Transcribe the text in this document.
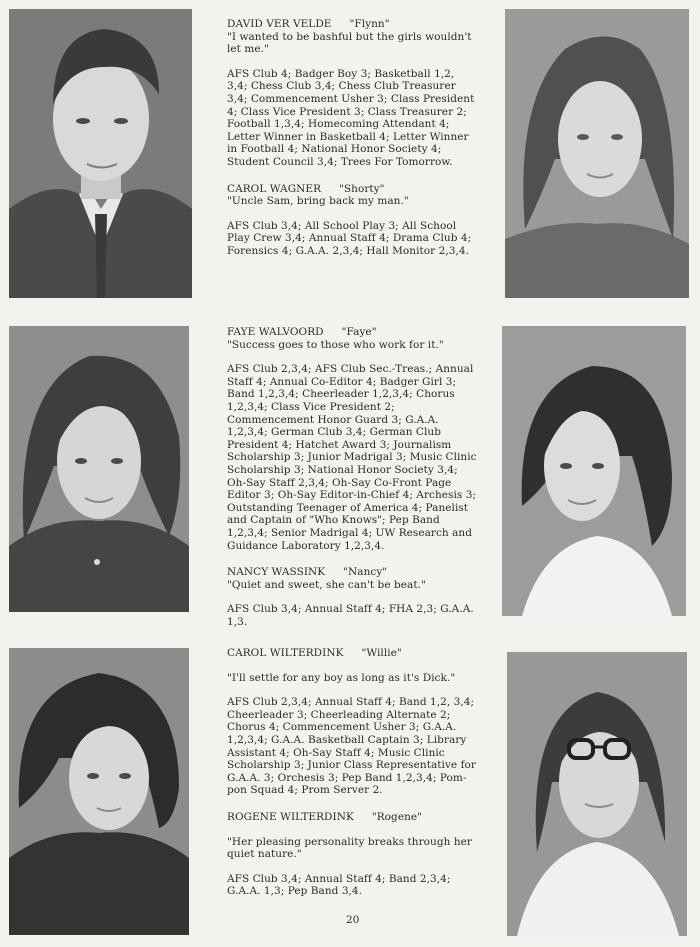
DAVID VER VELDE "Flynn"

"I wanted to be bashful but the girls wouldn't let me."

AFS Club 4; Badger Boy 3; Basketball 1,2, 3,4; Chess Club 3,4; Chess Club Treasurer 3,4; Commencement Usher 3; Class President 4; Class Vice President 3; Class Treasurer 2; Football 1,3,4; Homecoming Attendant 4; Letter Winner in Basketball 4; Letter Winner in Football 4; National Honor Society 4; Student Council 3,4; Trees For Tomorrow.

CAROL WAGNER "Shorty"

"Uncle Sam, bring back my man."

AFS Club 3,4; All School Play 3; All School Play Crew 3,4; Annual Staff 4; Drama Club 4; Forensics 4; G.A.A. 2,3,4; Hall Monitor 2,3,4.

FAYE WALVOORD "Faye"

"Success goes to those who work for it."

AFS Club 2,3,4; AFS Club Sec.-Treas.; Annual Staff 4; Annual Co-Editor 4; Badger Girl 3; Band 1,2,3,4; Cheerleader 1,2,3,4; Chorus 1,2,3,4; Class Vice President 2; Commencement Honor Guard 3; G.A.A. 1,2,3,4; German Club 3,4; German Club President 4; Hatchet Award 3; Journalism Scholarship 3; Junior Madrigal 3; Music Clinic Scholarship 3; National Honor Society 3,4; Oh-Say Staff 2,3,4; Oh-Say Co-Front Page Editor 3; Oh-Say Editor-in-Chief 4; Archesis 3; Outstanding Teenager of America 4; Panelist and Captain of "Who Knows"; Pep Band 1,2,3,4; Senior Madrigal 4; UW Research and Guidance Laboratory 1,2,3,4.

NANCY WASSINK "Nancy"

"Quiet and sweet, she can't be beat."

AFS Club 3,4; Annual Staff 4; FHA 2,3; G.A.A. 1,3.

CAROL WILTERDINK "Willie"

"I'll settle for any boy as long as it's Dick."

AFS Club 2,3,4; Annual Staff 4; Band 1,2, 3,4; Cheerleader 3; Cheerleading Alternate 2; Chorus 4; Commencement Usher 3; G.A.A. 1,2,3,4; G.A.A. Basketball Captain 3; Library Assistant 4; Oh-Say Staff 4; Music Clinic Scholarship 3; Junior Class Representative for G.A.A. 3; Orchesis 3; Pep Band 1,2,3,4; Pom-pon Squad 4; Prom Server 2.

ROGENE WILTERDINK "Rogene"

"Her pleasing personality breaks through her quiet nature."

AFS Club 3,4; Annual Staff 4; Band 2,3,4; G.A.A. 1,3; Pep Band 3,4.

20
